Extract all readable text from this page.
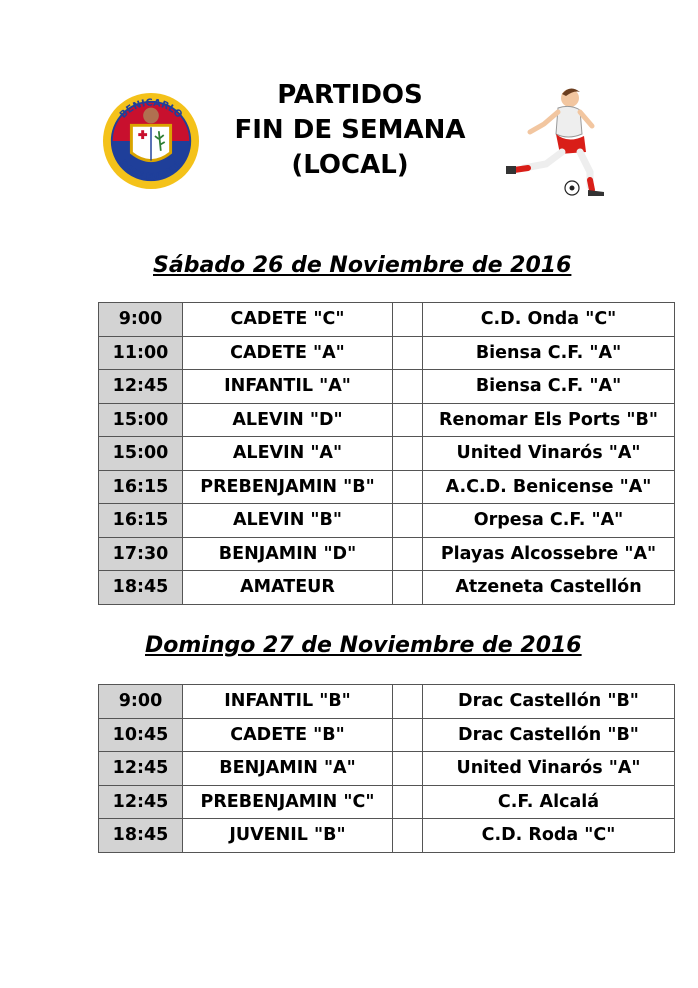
BENICARLO
BASE FUTBOL
PARTIDOS
FIN DE SEMANA
(LOCAL)
Sábado 26 de Noviembre de 2016
9:00	CADETE "C"		C.D. Onda "C"
11:00	CADETE "A"		Biensa C.F. "A"
12:45	INFANTIL "A"		Biensa C.F. "A"
15:00	ALEVIN "D"		Renomar Els Ports "B"
15:00	ALEVIN "A"		United Vinarós "A"
16:15	PREBENJAMIN "B"		A.C.D. Benicense "A"
16:15	ALEVIN "B"		Orpesa C.F. "A"
17:30	BENJAMIN "D"		Playas Alcossebre "A"
18:45	AMATEUR		Atzeneta Castellón
Domingo 27 de Noviembre de 2016
9:00	INFANTIL "B"		Drac Castellón "B"
10:45	CADETE "B"		Drac Castellón "B"
12:45	BENJAMIN "A"		United Vinarós "A"
12:45	PREBENJAMIN "C"		C.F. Alcalá
18:45	JUVENIL "B"		C.D. Roda "C"
